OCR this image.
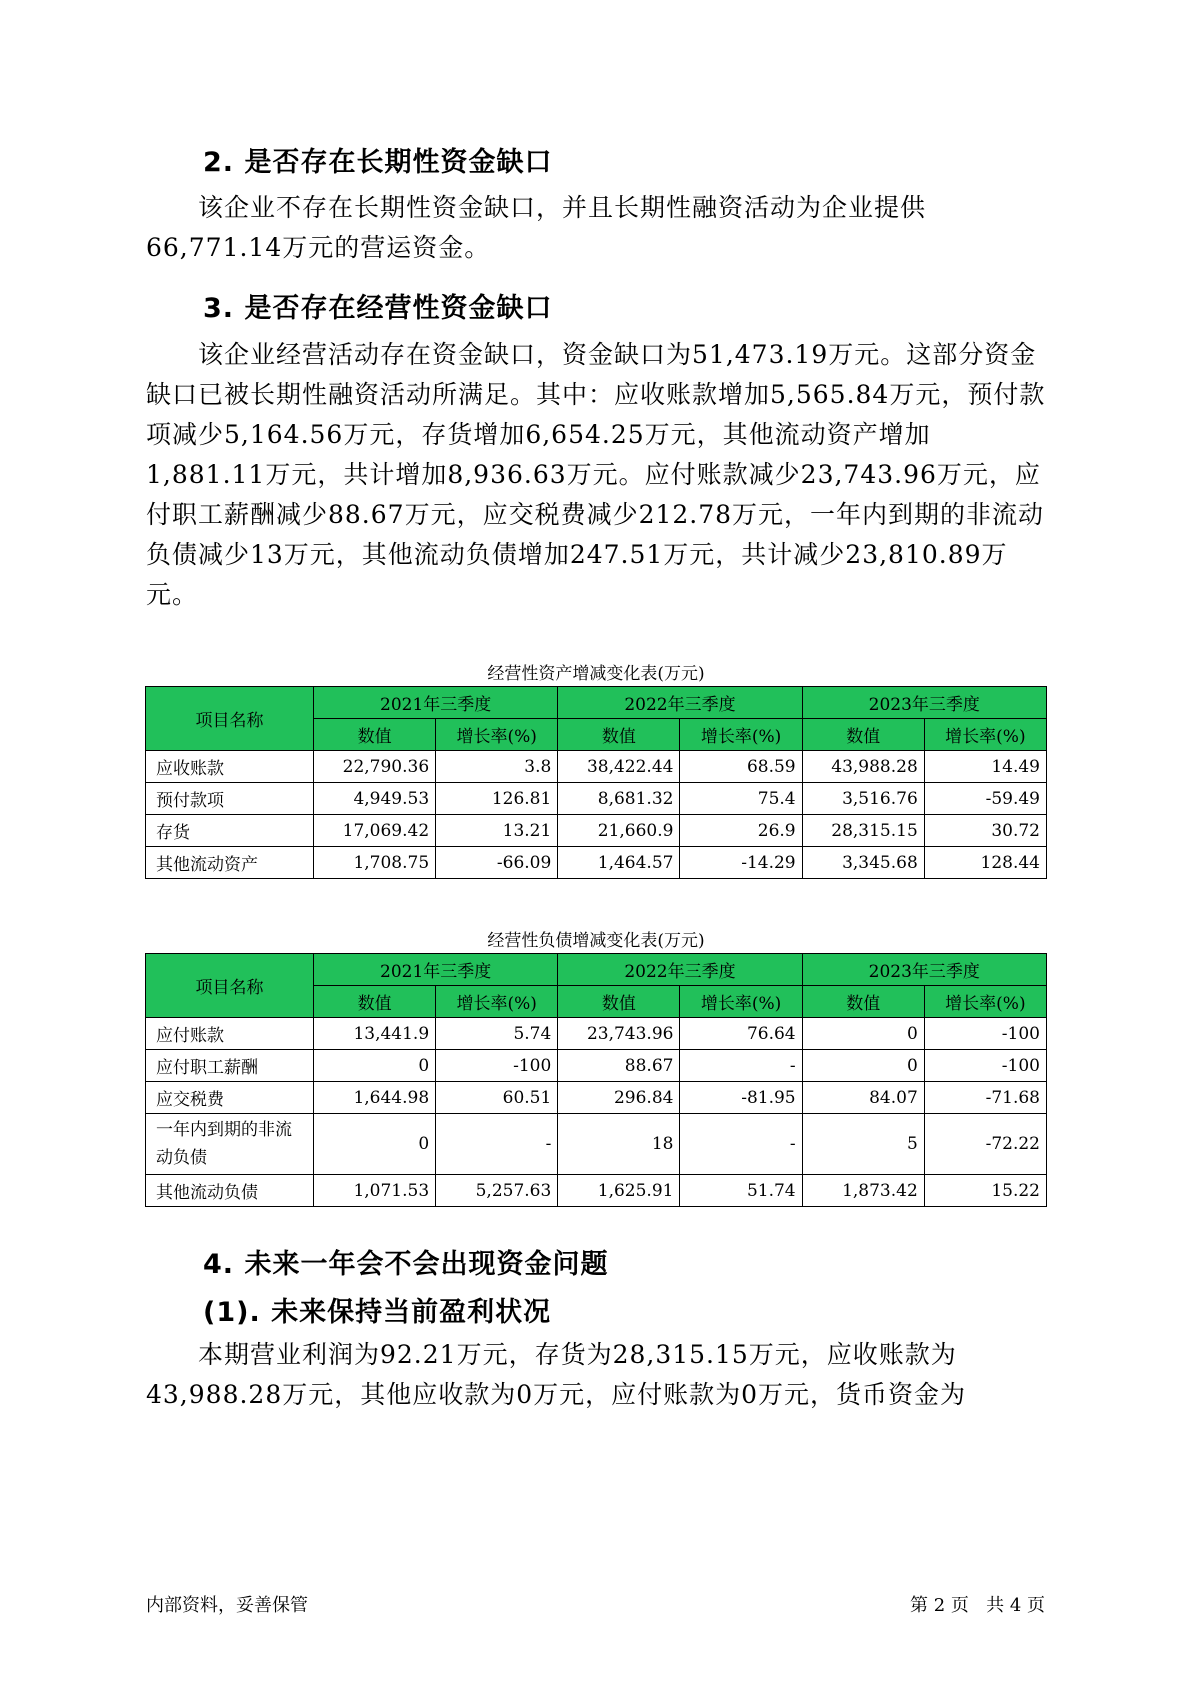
2. 是否存在长期性资金缺口
该企业不存在长期性资金缺口，并且长期性融资活动为企业提供66,771.14万元的营运资金。
3. 是否存在经营性资金缺口
该企业经营活动存在资金缺口，资金缺口为51,473.19万元。这部分资金缺口已被长期性融资活动所满足。其中：应收账款增加5,565.84万元，预付款项减少5,164.56万元，存货增加6,654.25万元，其他流动资产增加1,881.11万元，共计增加8,936.63万元。应付账款减少23,743.96万元，应付职工薪酬减少88.67万元，应交税费减少212.78万元，一年内到期的非流动负债减少13万元，其他流动负债增加247.51万元，共计减少23,810.89万元。
经营性资产增减变化表(万元)
项目名称	2021年三季度		2022年三季度		2023年三季度	
	数值	增长率(%)	数值	增长率(%)	数值	增长率(%)
应收账款	22,790.36	3.8	38,422.44	68.59	43,988.28	14.49
预付款项	4,949.53	126.81	8,681.32	75.4	3,516.76	-59.49
存货	17,069.42	13.21	21,660.9	26.9	28,315.15	30.72
其他流动资产	1,708.75	-66.09	1,464.57	-14.29	3,345.68	128.44
经营性负债增减变化表(万元)
项目名称	2021年三季度		2022年三季度		2023年三季度	
	数值	增长率(%)	数值	增长率(%)	数值	增长率(%)
应付账款	13,441.9	5.74	23,743.96	76.64	0	-100
应付职工薪酬	0	-100	88.67	-	0	-100
应交税费	1,644.98	60.51	296.84	-81.95	84.07	-71.68
一年内到期的非流动负债	0	-	18	-	5	-72.22
其他流动负债	1,071.53	5,257.63	1,625.91	51.74	1,873.42	15.22
4. 未来一年会不会出现资金问题
(1). 未来保持当前盈利状况
本期营业利润为92.21万元，存货为28,315.15万元，应收账款为43,988.28万元，其他应收款为0万元，应付账款为0万元，货币资金为
内部资料，妥善保管	第 2 页   共 4 页
